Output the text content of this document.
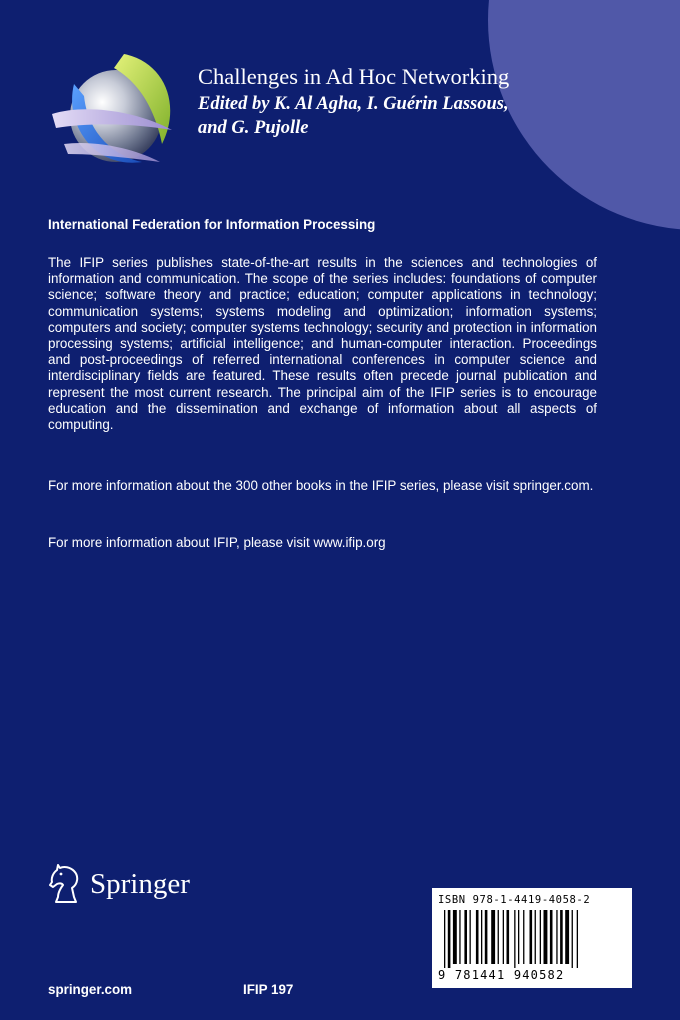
Challenges in Ad Hoc Networking

Edited by K. Al Agha, I. Guérin Lassous,

and G. Pujolle

International Federation for Information Processing

The IFIP series publishes state-of-the-art results in the sciences and technologies of information and communication. The scope of the series includes: foundations of computer science; software theory and practice; education; computer applications in technology; communication systems; systems modeling and optimization; information systems; computers and society; computer systems technology; security and protection in information processing systems; artificial intelligence; and human-computer interaction. Proceedings and post-proceedings of referred international conferences in computer science and interdisciplinary fields are featured. These results often precede journal publication and represent the most current research. The principal aim of the IFIP series is to encourage education and the dissemination and exchange of information about all aspects of computing.

For more information about the 300 other books in the IFIP series, please visit springer.com.

For more information about IFIP, please visit www.ifip.org

Springer
ISBN 978-1-4419-4058-2
9 781441 940582
springer.com	IFIP 197
